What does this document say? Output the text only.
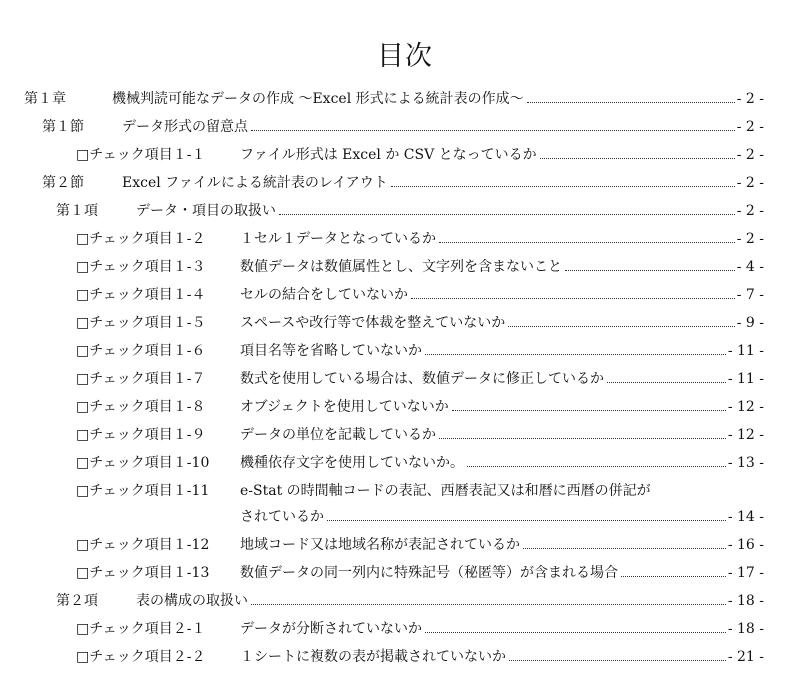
目次
第１章	機械判読可能なデータの作成 ～Excel 形式による統計表の作成～	- 2 -
第１節	データ形式の留意点	- 2 -
□チェック項目１-１	ファイル形式は Excel か CSV となっているか	- 2 -
第２節	Excel ファイルによる統計表のレイアウト	- 2 -
第１項	データ・項目の取扱い	- 2 -
□チェック項目１-２	１セル１データとなっているか	- 2 -
□チェック項目１-３	数値データは数値属性とし、文字列を含まないこと	- 4 -
□チェック項目１-４	セルの結合をしていないか	- 7 -
□チェック項目１-５	スペースや改行等で体裁を整えていないか	- 9 -
□チェック項目１-６	項目名等を省略していないか	- 11 -
□チェック項目１-７	数式を使用している場合は、数値データに修正しているか	- 11 -
□チェック項目１-８	オブジェクトを使用していないか	- 12 -
□チェック項目１-９	データの単位を記載しているか	- 12 -
□チェック項目１-10	機種依存文字を使用していないか。	- 13 -
□チェック項目１-11	e-Stat の時間軸コードの表記、西暦表記又は和暦に西暦の併記が
されているか	- 14 -
□チェック項目１-12	地域コード又は地域名称が表記されているか	- 16 -
□チェック項目１-13	数値データの同一列内に特殊記号（秘匿等）が含まれる場合	- 17 -
第２項	表の構成の取扱い	- 18 -
□チェック項目２-１	データが分断されていないか	- 18 -
□チェック項目２-２	１シートに複数の表が掲載されていないか	- 21 -
